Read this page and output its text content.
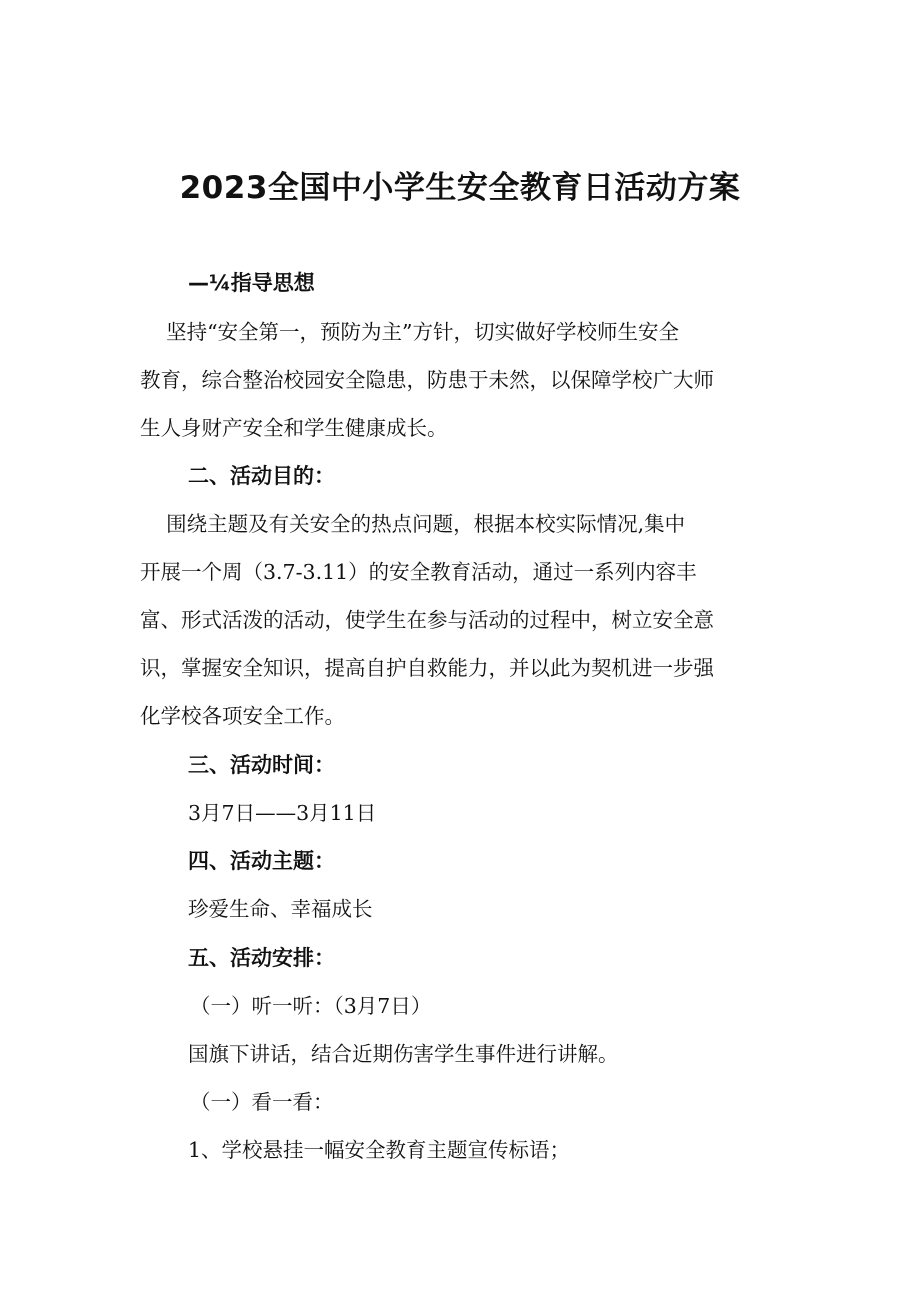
2023全国中小学生安全教育日活动方案
—¼指导思想
坚持“安全第一，预防为主”方针，切实做好学校师生安全
教育，综合整治校园安全隐患，防患于未然，以保障学校广大师
生人身财产安全和学生健康成长。
二、活动目的：
围绕主题及有关安全的热点问题，根据本校实际情况,集中
开展一个周（3.7-3.11）的安全教育活动，通过一系列内容丰
富、形式活泼的活动，使学生在参与活动的过程中，树立安全意
识，掌握安全知识，提高自护自救能力，并以此为契机进一步强
化学校各项安全工作。
三、活动时间：
3月7日——3月11日
四、活动主题：
珍爱生命、幸福成长
五、活动安排：
（一）听一听：（3月7日）
国旗下讲话，结合近期伤害学生事件进行讲解。
（一）看一看：
1、学校悬挂一幅安全教育主题宣传标语；
